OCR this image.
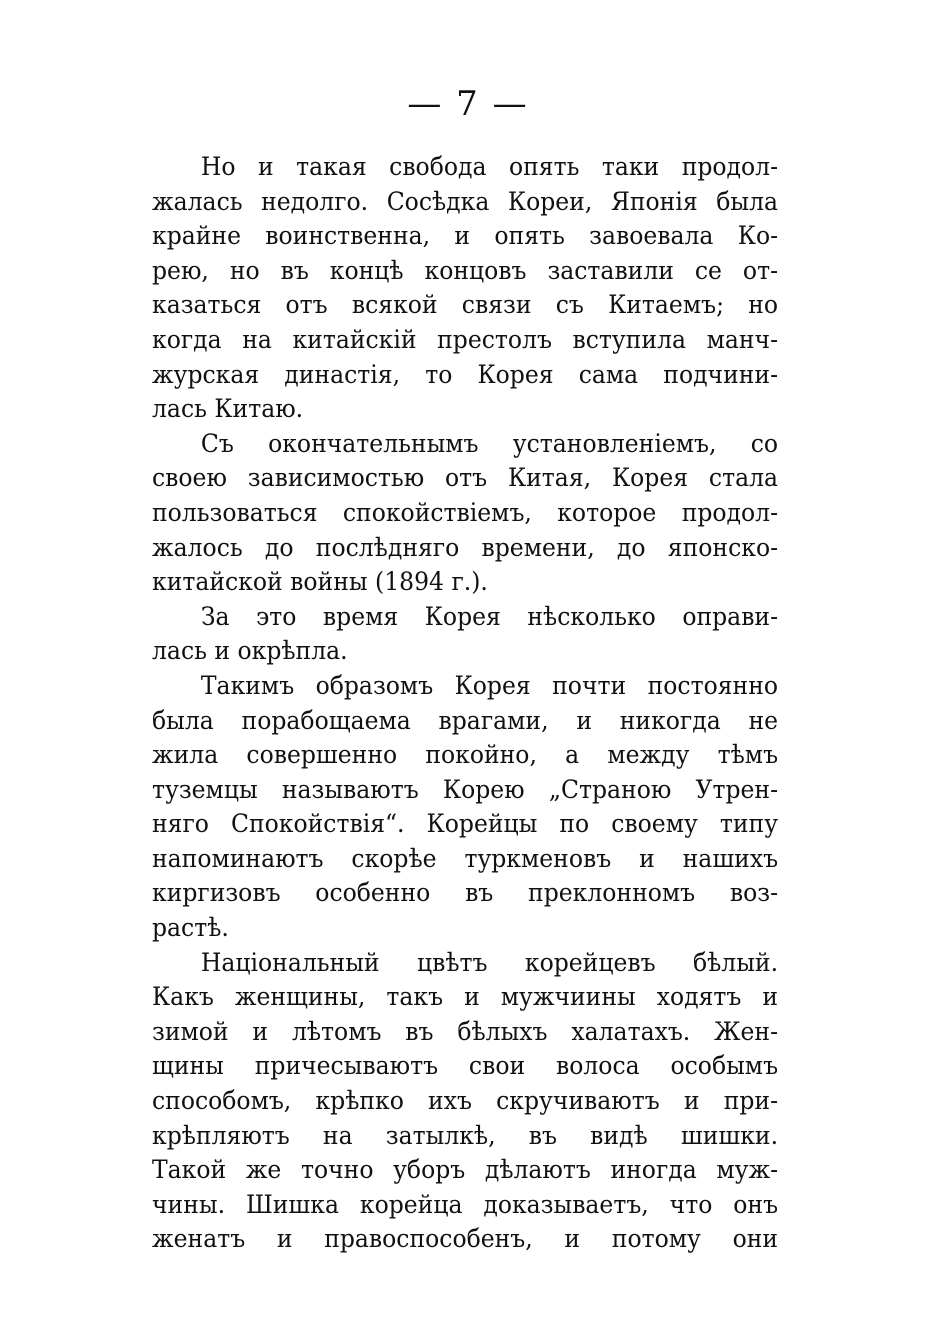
— 7 —
Но и такая свобода опять таки продол-
жалась недолго. Сосѣдка Кореи, Японія была
крайне воинственна, и опять завоевала Ко-
рею, но въ концѣ концовъ заставили се от-
казаться отъ всякой связи съ Китаемъ; но
когда на китайскій престолъ вступила манч-
журская династія, то Корея сама подчини-
лась Китаю.
Съ окончательнымъ установленіемъ, со
своею зависимостью отъ Китая, Корея стала
пользоваться спокойствіемъ, которое продол-
жалось до послѣдняго времени, до японско-
китайской войны (1894 г.).
За это время Корея нѣсколько оправи-
лась и окрѣпла.
Такимъ образомъ Корея почти постоянно
была порабощаема врагами, и никогда не
жила совершенно покойно, а между тѣмъ
туземцы называютъ Корею „Страною Утрен-
няго Спокойствія“. Корейцы по своему типу
напоминаютъ скорѣе туркменовъ и нашихъ
киргизовъ особенно въ преклонномъ воз-
растѣ.
Національный цвѣтъ корейцевъ бѣлый.
Какъ женщины, такъ и мужчиины ходятъ и
зимой и лѣтомъ въ бѣлыхъ халатахъ. Жен-
щины причесываютъ свои волоса особымъ
способомъ, крѣпко ихъ скручиваютъ и при-
крѣпляютъ на затылкѣ, въ видѣ шишки.
Такой же точно уборъ дѣлаютъ иногда муж-
чины. Шишка корейца доказываетъ, что онъ
женатъ и правоспособенъ, и потому они
